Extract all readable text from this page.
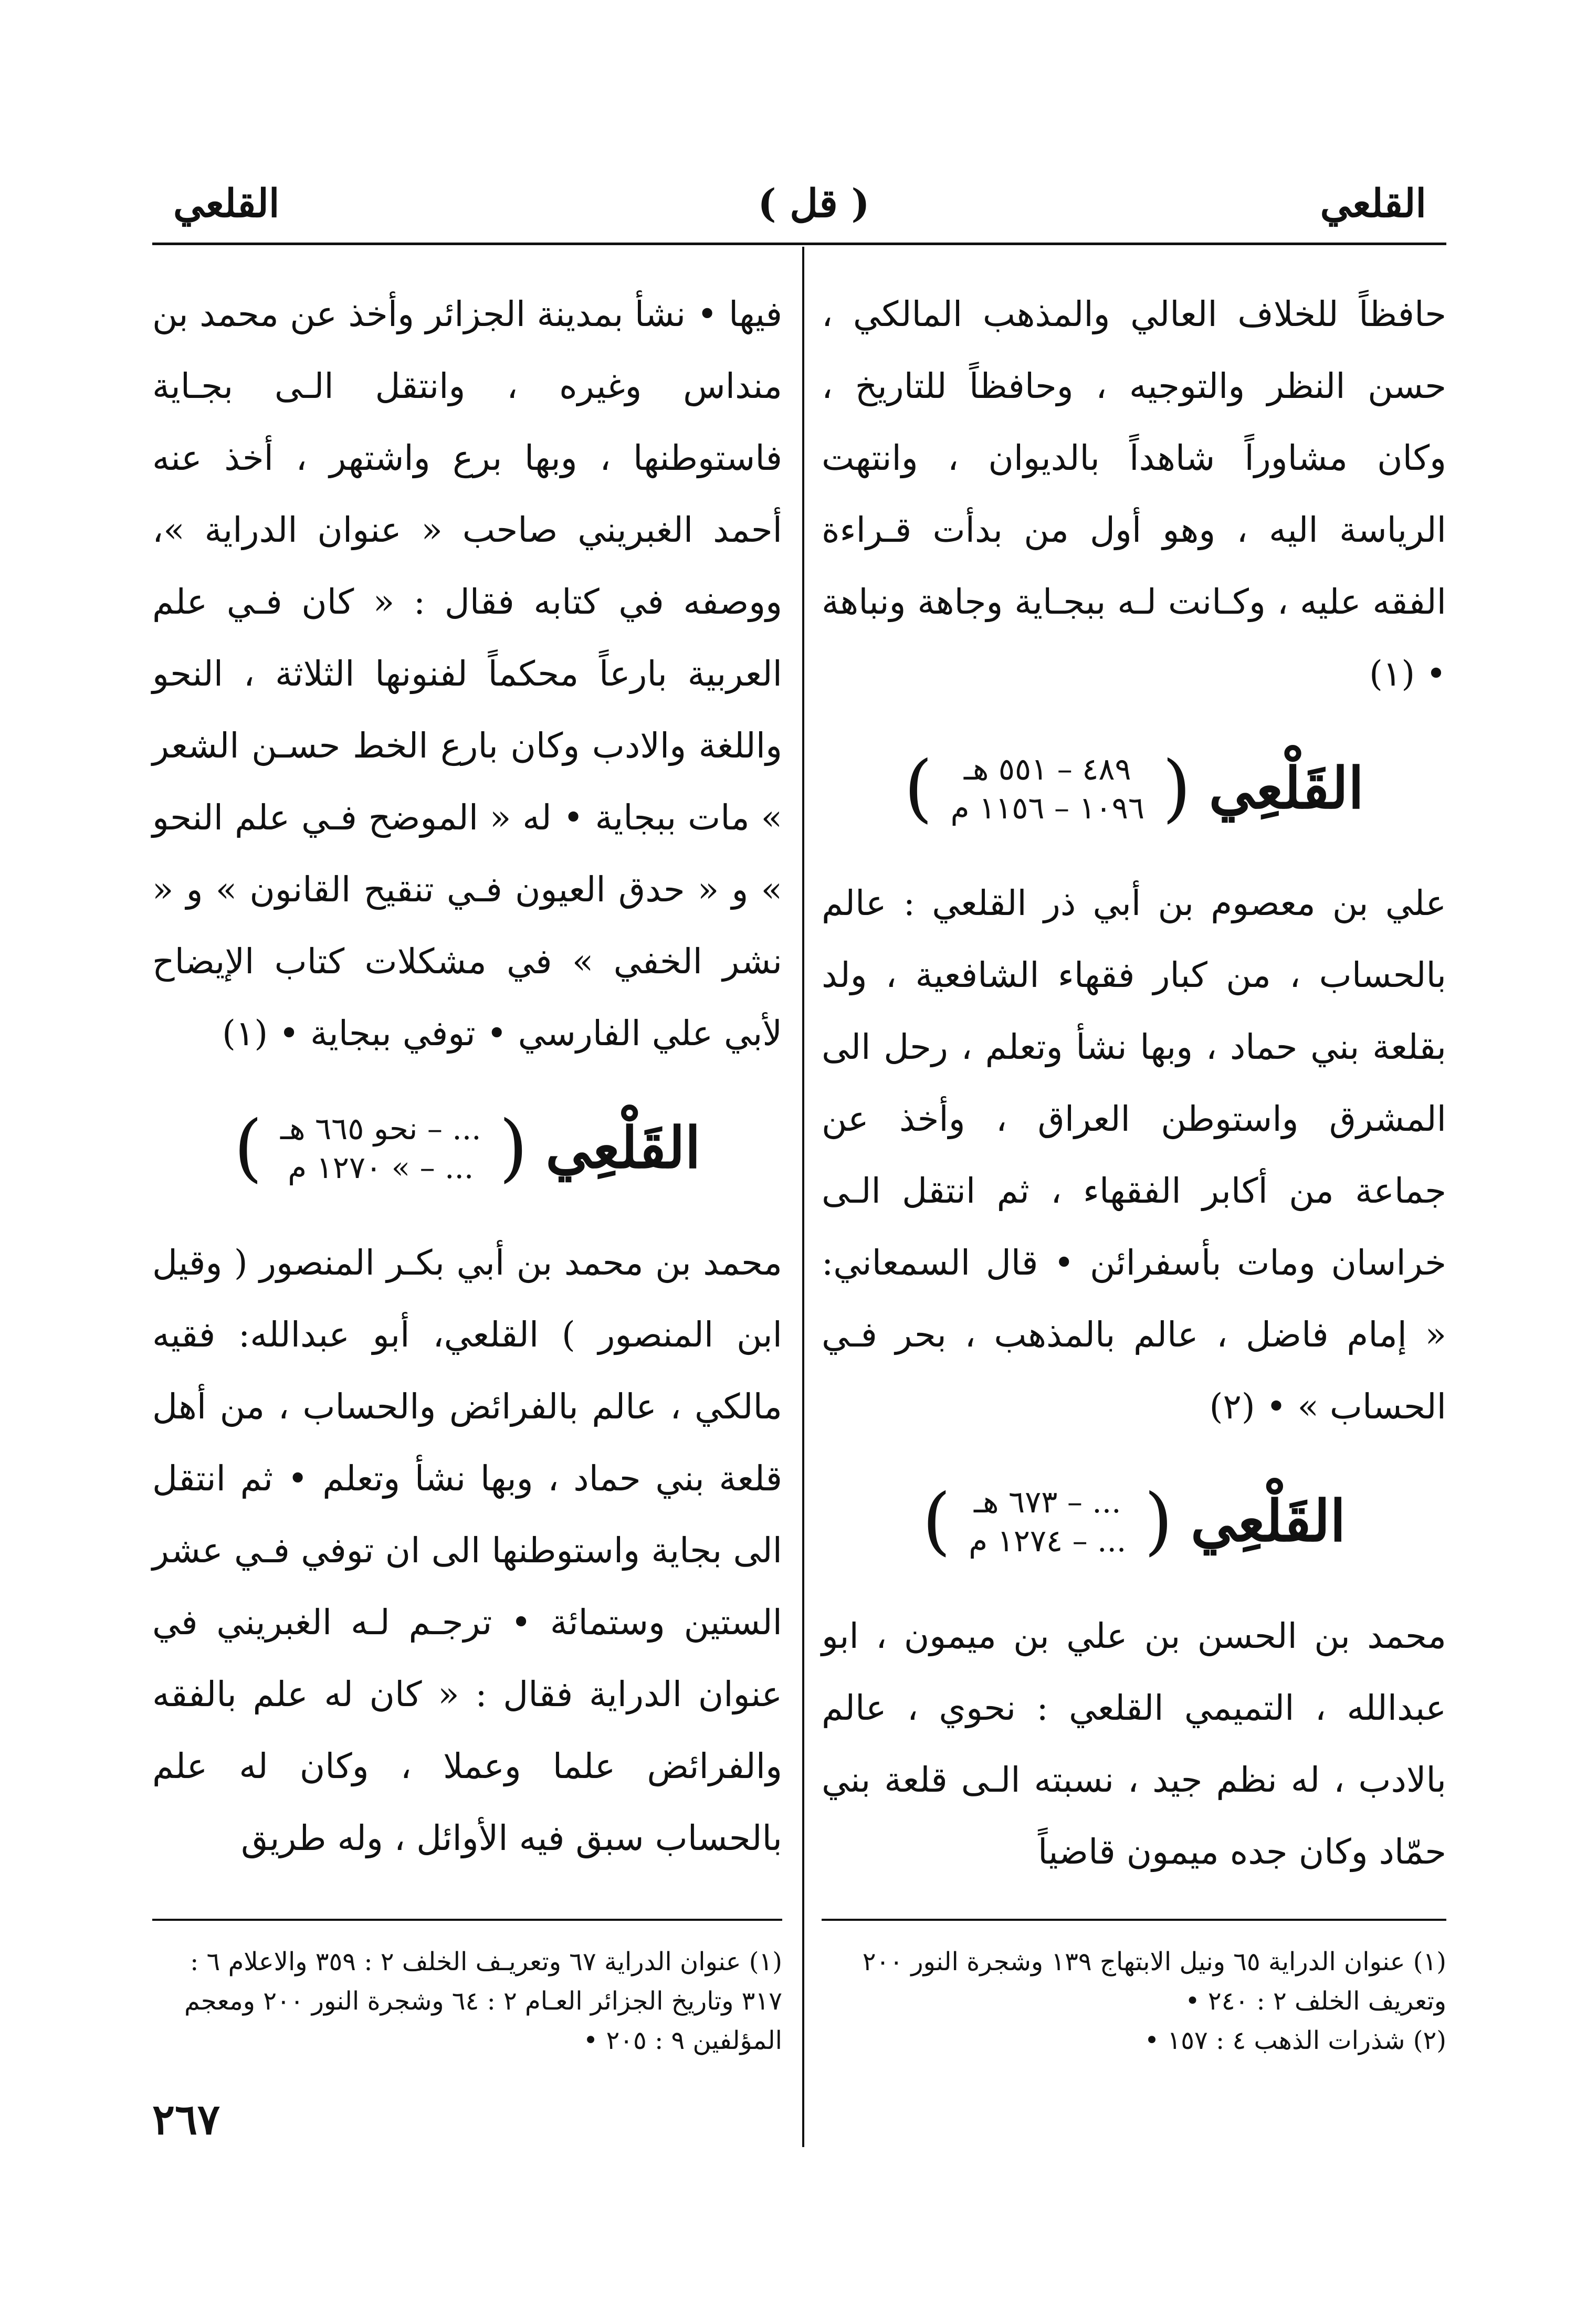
القلعي
( قل )
القلعي

حافظاً للخلاف العالي والمذهب المالكي ، حسن النظر والتوجيه ، وحافظاً للتاريخ ، وكان مشاوراً شاهداً بالديوان ، وانتهت الرياسة اليه ، وهو أول من بدأت قـراءة الفقه عليه ، وكـانت لـه ببجـاية وجاهة ونباهة • (١)

القَلْعِي
(
٤٨٩ – ٥٥١ هـ
١٠٩٦ – ١١٥٦ م
)

علي بن معصوم بن أبي ذر القلعي : عالم بالحساب ، من كبار فقهاء الشافعية ، ولد بقلعة بني حماد ، وبها نشأ وتعلم ، رحل الى المشرق واستوطن العراق ، وأخذ عن جماعة من أكابر الفقهاء ، ثم انتقل الـى خراسان ومات بأسفرائن • قال السمعاني: « إمام فاضل ، عالم بالمذهب ، بحر فـي الحساب » • (٢)

القَلْعِي
(
... – ٦٧٣ هـ
... – ١٢٧٤ م
)

محمد بن الحسن بن علي بن ميمون ، ابو عبدالله ، التميمي القلعي : نحوي ، عالم بالادب ، له نظم جيد ، نسبته الـى قلعة بني حمّاد وكان جده ميمون قاضياً

فيها • نشأ بمدينة الجزائر وأخذ عن محمد بن منداس وغيره ، وانتقل الـى بجـاية فاستوطنها ، وبها برع واشتهر ، أخذ عنه أحمد الغبريني صاحب « عنوان الدراية »، ووصفه في كتابه فقال : « كان فـي علم العربية بارعاً محكماً لفنونها الثلاثة ، النحو واللغة والادب وكان بارع الخط حسـن الشعر » مات ببجاية • له « الموضح فـي علم النحو » و « حدق العيون فـي تنقيح القانون » و « نشر الخفي » في مشكلات كتاب الإيضاح لأبي علي الفارسي • توفي ببجاية • (١)

القَلْعِي
(
... – نحو ٦٦٥ هـ
... – » ١٢٧٠ م
)

محمد بن محمد بن أبي بكـر المنصور ( وقيل ابن المنصور ) القلعي، أبو عبدالله: فقيه مالكي ، عالم بالفرائض والحساب ، من أهل قلعة بني حماد ، وبها نشأ وتعلم • ثم انتقل الى بجاية واستوطنها الى ان توفي فـي عشر الستين وستمائة • ترجـم لـه الغبريني في عنوان الدراية فقال : « كان له علم بالفقه والفرائض علما وعملا ، وكان له علم بالحساب سبق فيه الأوائل ، وله طريق

(١) عنوان الدراية ٦٥ ونيل الابتهاج ١٣٩ وشجرة النور ٢٠٠ وتعريف الخلف ٢ : ٢٤٠ •

(٢) شذرات الذهب ٤ : ١٥٧ •

(١) عنوان الدراية ٦٧ وتعريـف الخلف ٢ : ٣٥٩ والاعلام ٦ : ٣١٧ وتاريخ الجزائر العـام ٢ : ٦٤ وشجرة النور ٢٠٠ ومعجم المؤلفين ٩ : ٢٠٥ •

٢٦٧
